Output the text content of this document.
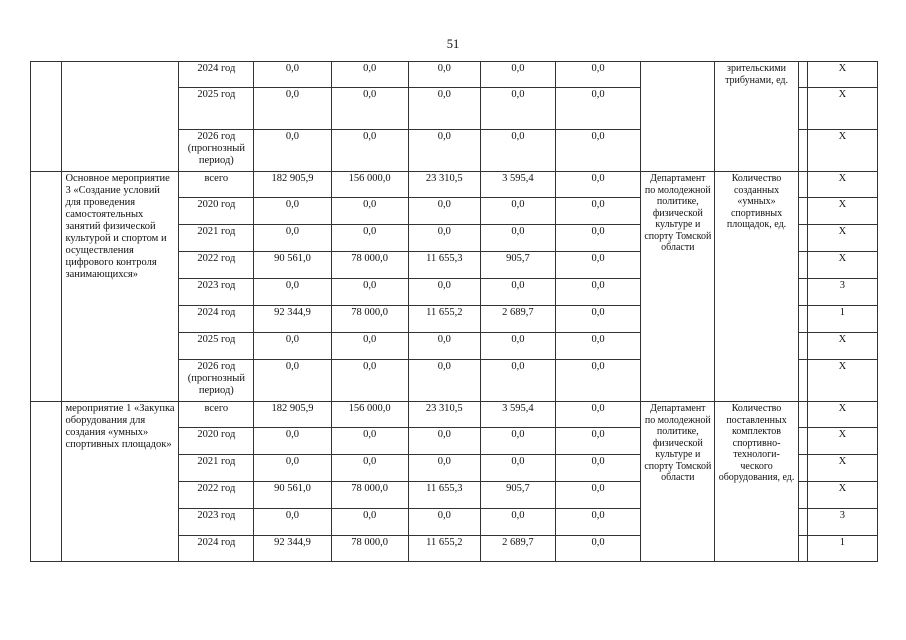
51
		2024 год	0,0	0,0	0,0	0,0	0,0		зрительскими трибунами, ед.		X
		2025 год	0,0	0,0	0,0	0,0	0,0				X
		2026 год (прогнозный период)	0,0	0,0	0,0	0,0	0,0				X
	Основное мероприятие 3 «Создание условий для проведения самостоятельных занятий физической культурой и спортом и осуществления цифрового контроля занимающихся»	всего	182 905,9	156 000,0	23 310,5	3 595,4	0,0	Департамент по молодежной политике, физической культуре и спорту Томской области	Количество созданных «умных» спортивных площадок, ед.		X
		2020 год	0,0	0,0	0,0	0,0	0,0				X
		2021 год	0,0	0,0	0,0	0,0	0,0				X
		2022 год	90 561,0	78 000,0	11 655,3	905,7	0,0				X
		2023 год	0,0	0,0	0,0	0,0	0,0				3
		2024 год	92 344,9	78 000,0	11 655,2	2 689,7	0,0				1
		2025 год	0,0	0,0	0,0	0,0	0,0				X
		2026 год (прогнозный период)	0,0	0,0	0,0	0,0	0,0				X
	мероприятие 1 «Закупка оборудования для создания «умных» спортивных площадок»	всего	182 905,9	156 000,0	23 310,5	3 595,4	0,0	Департамент по молодежной политике, физической культуре и спорту Томской области	Количество поставленных комплектов спортивно-технологи-ческого оборудования, ед.		X
		2020 год	0,0	0,0	0,0	0,0	0,0				X
		2021 год	0,0	0,0	0,0	0,0	0,0				X
		2022 год	90 561,0	78 000,0	11 655,3	905,7	0,0				X
		2023 год	0,0	0,0	0,0	0,0	0,0				3
		2024 год	92 344,9	78 000,0	11 655,2	2 689,7	0,0				1
